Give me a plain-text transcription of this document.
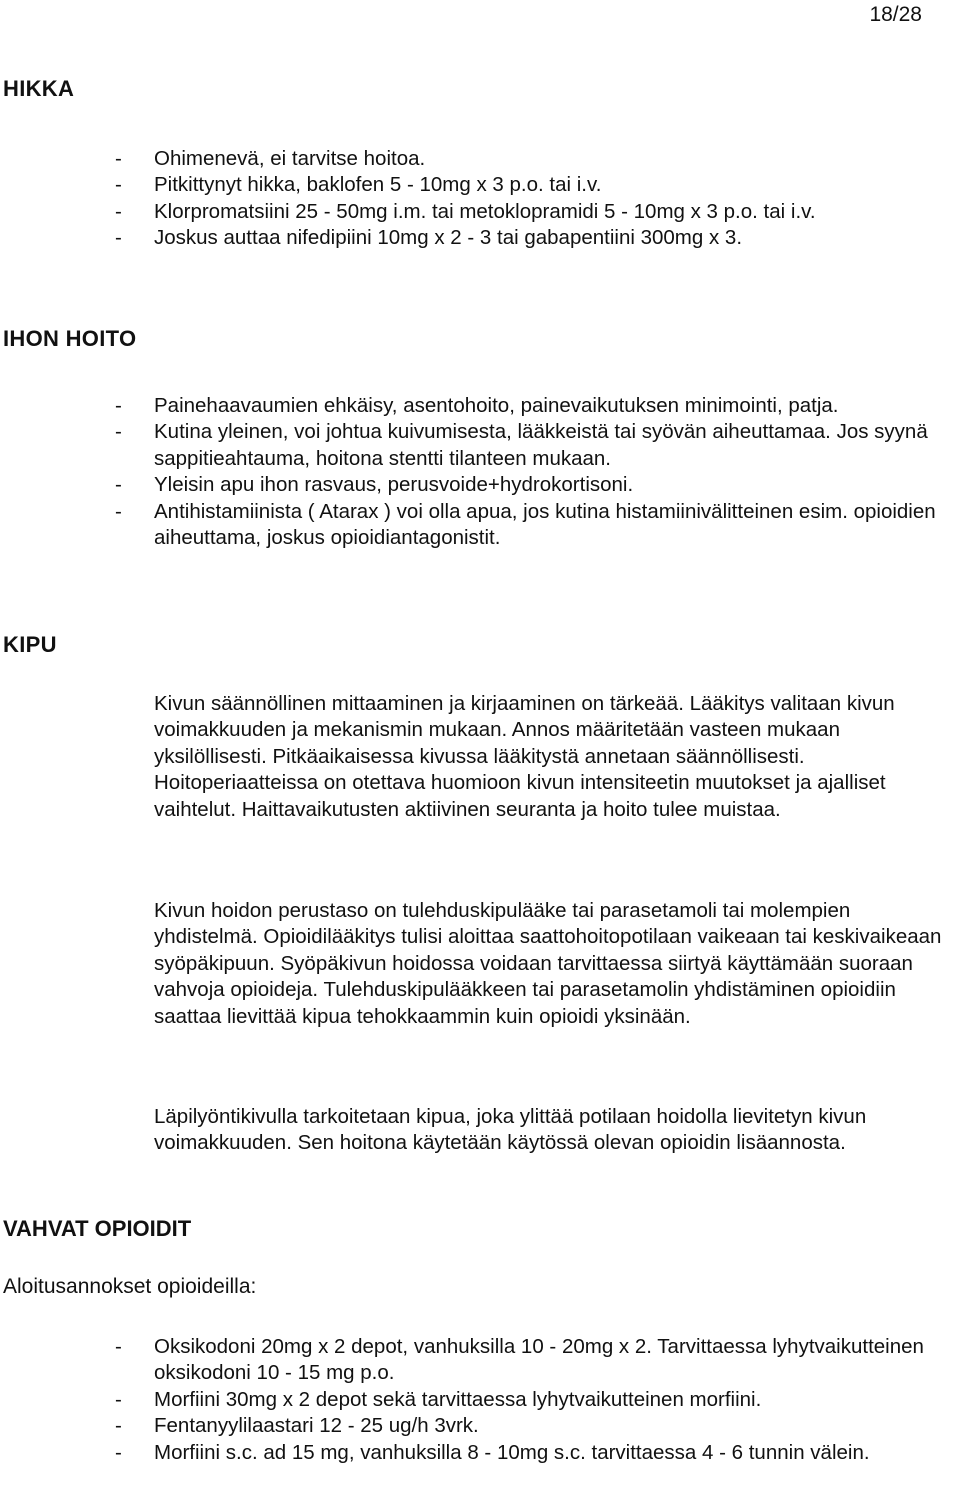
18/28
HIKKA
- Ohimenevä, ei tarvitse hoitoa.
- Pitkittynyt hikka, baklofen 5 - 10mg x 3 p.o. tai i.v.
- Klorpromatsiini 25 - 50mg i.m. tai metoklopramidi 5 - 10mg x 3 p.o. tai i.v.
- Joskus auttaa nifedipiini 10mg x 2 - 3 tai gabapentiini 300mg x 3.
IHON HOITO
- Painehaavaumien ehkäisy, asentohoito, painevaikutuksen minimointi, patja.
- Kutina yleinen, voi johtua kuivumisesta, lääkkeistä tai syövän aiheuttamaa. Jos syynä sappitieahtauma, hoitona stentti tilanteen mukaan.
- Yleisin apu ihon rasvaus, perusvoide+hydrokortisoni.
- Antihistamiinista ( Atarax ) voi olla apua, jos kutina histamiinivälitteinen esim. opioidien aiheuttama, joskus opioidiantagonistit.
KIPU

Kivun säännöllinen mittaaminen ja kirjaaminen on tärkeää. Lääkitys valitaan kivun voimakkuuden ja mekanismin mukaan. Annos määritetään vasteen mukaan yksilöllisesti. Pitkäaikaisessa kivussa lääkitystä annetaan säännöllisesti. Hoitoperiaatteissa on otettava huomioon kivun intensiteetin muutokset ja ajalliset vaihtelut. Haittavaikutusten aktiivinen seuranta ja hoito tulee muistaa.

Kivun hoidon perustaso on tulehduskipulääke tai parasetamoli tai molempien yhdistelmä. Opioidilääkitys tulisi aloittaa saattohoitopotilaan vaikeaan tai keskivaikeaan syöpäkipuun. Syöpäkivun hoidossa voidaan tarvittaessa siirtyä käyttämään suoraan vahvoja opioideja. Tulehduskipulääkkeen tai parasetamolin yhdistäminen opioidiin saattaa lievittää kipua tehokkaammin kuin opioidi yksinään.

Läpilyöntikivulla tarkoitetaan kipua, joka ylittää potilaan hoidolla lievitetyn kivun voimakkuuden. Sen hoitona käytetään käytössä olevan opioidin lisäannosta.

VAHVAT OPIOIDIT

Aloitusannokset opioideilla:

- Oksikodoni 20mg x 2 depot, vanhuksilla 10 - 20mg x 2. Tarvittaessa lyhytvaikutteinen oksikodoni 10 - 15 mg p.o.
- Morfiini 30mg x 2 depot sekä tarvittaessa lyhytvaikutteinen morfiini.
- Fentanyylilaastari 12 - 25 ug/h 3vrk.
- Morfiini s.c. ad 15 mg, vanhuksilla 8 - 10mg s.c. tarvittaessa 4 - 6 tunnin välein.
